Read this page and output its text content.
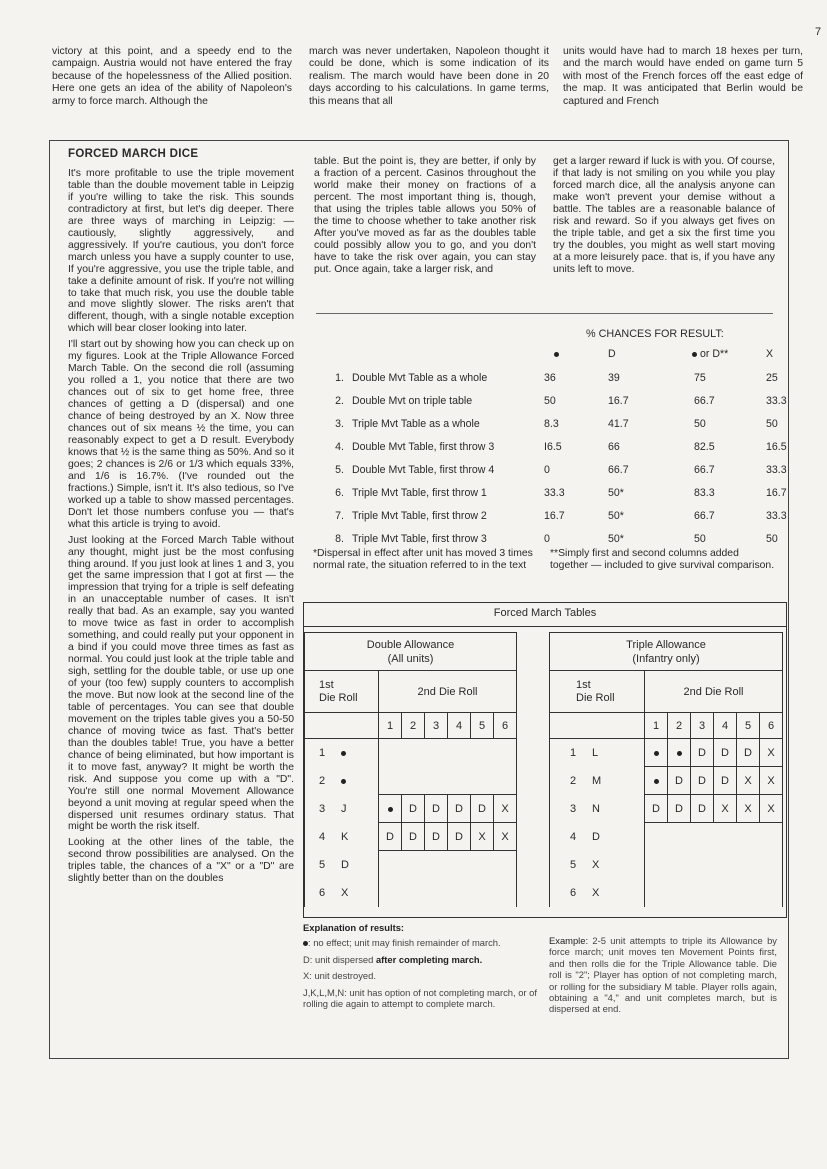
7
victory at this point, and a speedy end to the campaign. Austria would not have entered the fray because of the hopelessness of the Allied position. Here one gets an idea of the ability of Napoleon's army to force march. Although the
march was never undertaken, Napoleon thought it could be done, which is some indication of its realism. The march would have been done in 20 days according to his calculations. In game terms, this means that all
units would have had to march 18 hexes per turn, and the march would have ended on game turn 5 with most of the French forces off the east edge of the map. It was anticipated that Berlin would be captured and French
FORCED MARCH DICE

It's more profitable to use the triple movement table than the double movement table in Leipzig if you're willing to take the risk. This sounds contradictory at first, but let's dig deeper. There are three ways of marching in Leipzig: —cautiously, slightly aggressively, and aggressively. If you're cautious, you don't force march unless you have a supply counter to use, If you're aggressive, you use the triple table, and take a definite amount of risk. If you're not willing to take that much risk, you use the double table and move slightly slower. The risks aren't that different, though, with a single notable exception which will bear closer looking into later.

I'll start out by showing how you can check up on my figures. Look at the Triple Allowance Forced March Table. On the second die roll (assuming you rolled a 1, you notice that there are two chances out of six to get home free, three chances of getting a D (dispersal) and one chance of being destroyed by an X. Now three chances out of six means ½ the time, you can reasonably expect to get a D result. Everybody knows that ½ is the same thing as 50%. And so it goes; 2 chances is 2/6 or 1/3 which equals 33%, and 1/6 is 16.7%. (I've rounded out the fractions.) Simple, isn't it. It's also tedious, so I've worked up a table to show massed percentages. Don't let those numbers confuse you — that's what this article is trying to avoid.

Just looking at the Forced March Table without any thought, might just be the most confusing thing around. If you just look at lines 1 and 3, you get the same impression that I got at first — the impression that trying for a triple is self defeating in an unacceptable number of cases. It isn't really that bad. As an example, say you wanted to move twice as fast in order to accomplish something, and could really put your opponent in a bind if you could move three times as fast as normal. You could just look at the triple table and sigh, settling for the double table, or use up one of your (too few) supply counters to accomplish the move. But now look at the second line of the table of percentages. You can see that double movement on the triples table gives you a 50-50 chance of moving twice as fast. That's better than the doubles table! True, you have a better chance of being eliminated, but how important is it to move fast, anyway? It might be worth the risk. And suppose you come up with a "D". You're still one normal Movement Allowance beyond a unit moving at regular speed when the dispersed unit resumes ordinary status. That might be worth the risk itself.

Looking at the other lines of the table, the second throw possibilities are analysed. On the triples table, the chances of a "X" or a "D" are slightly better than on the doubles

table. But the point is, they are better, if only by a fraction of a percent. Casinos throughout the world make their money on fractions of a percent. The most important thing is, though, that using the triples table allows you 50% of the time to choose whether to take another risk After you've moved as far as the doubles table could possibly allow you to go, and you don't have to take the risk over again, you can stay put. Once again, take a larger risk, and
get a larger reward if luck is with you. Of course, if that lady is not smiling on you while you play forced march dice, all the analysis anyone can make won't prevent your demise without a battle. The tables are a reasonable balance of risk and reward. So if you always get fives on the triple table, and get a six the first time you try the doubles, you might as well start moving at a more leisurely pace. that is, if you have any units left to move.
% CHANCES FOR RESULT:
			D	or D**	X
1.	Double Mvt Table as a whole	36	39	75	25
2.	Double Mvt on triple table	50	16.7	66.7	33.3
3.	Triple Mvt Table as a whole	8.3	41.7	50	50
4.	Double Mvt Table, first throw 3	I6.5	66	82.5	16.5
5.	Double Mvt Table, first throw 4	0	66.7	66.7	33.3
6.	Triple Mvt Table, first throw 1	33.3	50*	83.3	16.7
7.	Triple Mvt Table, first throw 2	16.7	50*	66.7	33.3
8.	Triple Mvt Table, first throw 3	0	50*	50	50
*Dispersal in effect after unit has moved 3 times normal rate, the situation referred to in the text
**Simply first and second columns added together — included to give survival comparison.
Forced March Tables
Double Allowance
(All units)						
1st
Die Roll	2nd Die Roll					
	1	2	3	4	5	6
1						
2						
3 J		D	D	D	D	X
4 K	D	D	D	D	X	X
5 D						
6 X						
Triple Allowance
(Infantry only)						
1st
Die Roll	2nd Die Roll					
	1	2	3	4	5	6
1 L			D	D	D	X
2 M		D	D	D	X	X
3 N	D	D	D	X	X	X
4 D						
5 X						
6 X						

Explanation of results:

: no effect; unit may finish remainder of march.

D: unit dispersed after completing march.

X: unit destroyed.

J,K,L,M,N: unit has option of not completing march, or of rolling die again to attempt to complete march.

Example: 2-5 unit attempts to triple its Allowance by force march; unit moves ten Movement Points first, and then rolls die for the Triple Allowance table. Die roll is "2"; Player has option of not completing march, or rolling for the subsidiary M table. Player rolls again, obtaining a "4," and unit completes march, but is dispersed at end.
